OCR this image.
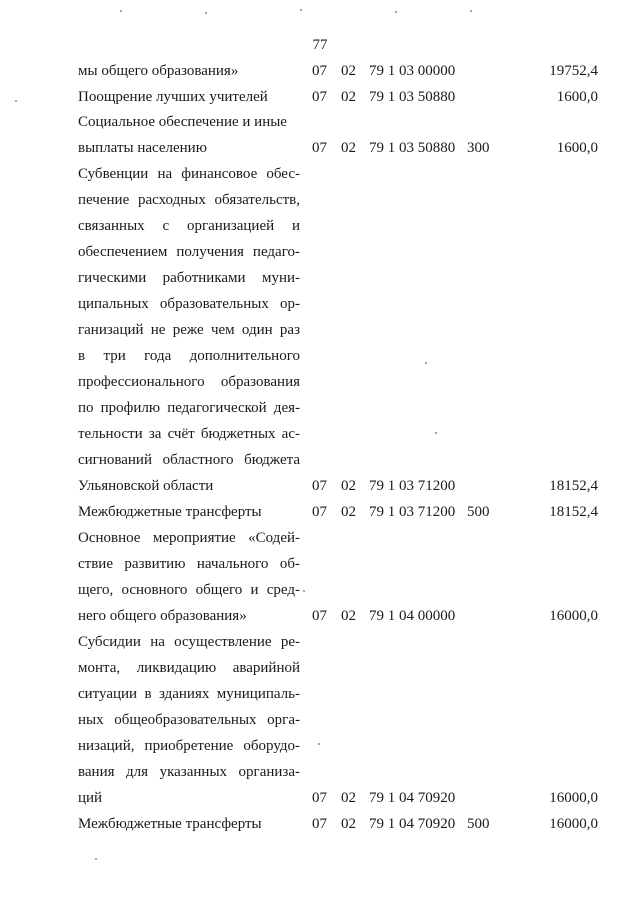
77
мы общего образования»	07 02 79 1 03 00000	19752,4
Поощрение лучших учителей	07 02 79 1 03 50880	1600,0
Социальное обеспечение и иные
выплаты населению	07 02 79 1 03 50880 300	1600,0
Субвенции на финансовое обес-
печение расходных обязательств,
связанных с организацией и
обеспечением получения педаго-
гическими работниками муни-
ципальных образовательных ор-
ганизаций не реже чем один раз
в три года дополнительного
профессионального образования
по профилю педагогической дея-
тельности за счёт бюджетных ас-
сигнований областного бюджета
Ульяновской области	07 02 79 1 03 71200	18152,4
Межбюджетные трансферты	07 02 79 1 03 71200 500	18152,4
Основное мероприятие «Содей-
ствие развитию начального об-
щего, основного общего и сред-
него общего образования»	07 02 79 1 04 00000	16000,0
Субсидии на осуществление ре-
монта, ликвидацию аварийной
ситуации в зданиях муниципаль-
ных общеобразовательных орга-
низаций, приобретение оборудо-
вания для указанных организа-
ций	07 02 79 1 04 70920	16000,0
Межбюджетные трансферты	07 02 79 1 04 70920 500	16000,0
